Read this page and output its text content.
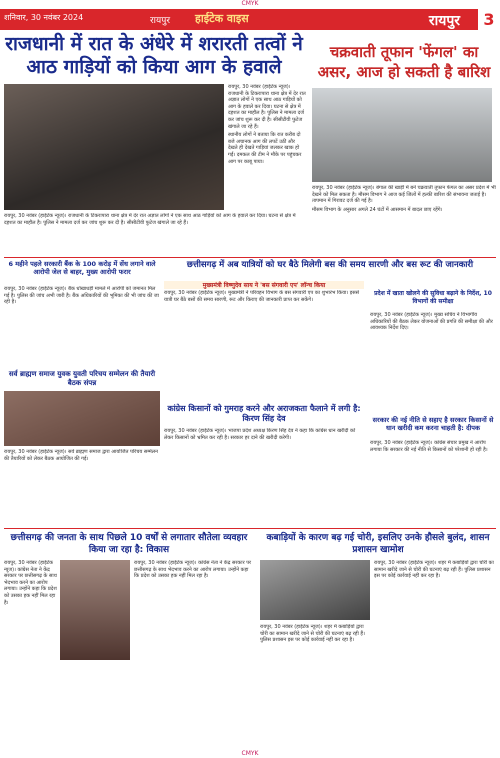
CMYK
शनिवार, 30 नवंबर 2024	रायपुर हाईटेक वाइस	रायपुर	3
राजधानी में रात के अंधेरे में शरारती तत्वों ने आठ गाड़ियों को किया आग के हवाले

रायपुर, 30 नवंबर (हाईटेक न्यूज)। राजधानी के टिकरापारा थाना क्षेत्र में देर रात अज्ञात लोगों ने एक साथ आठ गाड़ियों को आग के हवाले कर दिया। घटना से क्षेत्र में दहशत का माहौल है। पुलिस ने मामला दर्ज कर जांच शुरू कर दी है। सीसीटीवी फुटेज खंगाले जा रहे हैं।

स्थानीय लोगों ने बताया कि रात करीब दो बजे अचानक आग की लपटें उठीं और देखते ही देखते गाड़ियां जलकर खाक हो गईं। दमकल की टीम ने मौके पर पहुंचकर आग पर काबू पाया।

रायपुर, 30 नवंबर (हाईटेक न्यूज)। राजधानी के टिकरापारा थाना क्षेत्र में देर रात अज्ञात लोगों ने एक साथ आठ गाड़ियों को आग के हवाले कर दिया। घटना से क्षेत्र में दहशत का माहौल है। पुलिस ने मामला दर्ज कर जांच शुरू कर दी है। सीसीटीवी फुटेज खंगाले जा रहे हैं।

चक्रवाती तूफान 'फेंगल' का असर, आज हो सकती है बारिश

रायपुर, 30 नवंबर (हाईटेक न्यूज)। बंगाल की खाड़ी में बने चक्रवाती तूफान फेंगल का असर प्रदेश में भी देखने को मिल सकता है। मौसम विभाग ने आज कई जिलों में हल्की बारिश की संभावना जताई है। तापमान में गिरावट दर्ज की गई है।

मौसम विभाग के अनुसार अगले 24 घंटों में आसमान में बादल छाए रहेंगे।

6 महीने पहले सरकारी बैंक के 100 करोड़ में सेंध लगाने वाले आरोपी जेल से बाहर, मुख्य आरोपी फरार

रायपुर, 30 नवंबर (हाईटेक न्यूज)। बैंक धोखाधड़ी मामले में आरोपी को जमानत मिल गई है। पुलिस की जांच अभी जारी है। बैंक अधिकारियों की भूमिका की भी जांच की जा रही है।

छत्तीसगढ़ में अब यात्रियों को घर बैठे मिलेगी बस की समय सारणी और बस रूट की जानकारी
मुख्यमंत्री विष्णुदेव साय ने 'बस संगवारी एप' लॉन्च किया

रायपुर, 30 नवंबर (हाईटेक न्यूज)। मुख्यमंत्री ने परिवहन विभाग के बस संगवारी एप का शुभारंभ किया। इससे यात्री घर बैठे बसों की समय सारणी, रूट और किराए की जानकारी प्राप्त कर सकेंगे।

प्रदेश में खाता खोलने की सुविधा बढ़ाने के निर्देश, 10 विभागों की समीक्षा

रायपुर, 30 नवंबर (हाईटेक न्यूज)। मुख्य सचिव ने विभागीय अधिकारियों की बैठक लेकर योजनाओं की प्रगति की समीक्षा की और आवश्यक निर्देश दिए।

सर्व ब्राह्मण समाज युवक युवती परिचय सम्मेलन की तैयारी बैठक संपन्न

रायपुर, 30 नवंबर (हाईटेक न्यूज)। सर्व ब्राह्मण समाज द्वारा आयोजित परिचय सम्मेलन की तैयारियों को लेकर बैठक आयोजित की गई।

कांग्रेस किसानों को गुमराह करने और अराजकता फैलाने में लगी है: किरण सिंह देव

रायपुर, 30 नवंबर (हाईटेक न्यूज)। भाजपा प्रदेश अध्यक्ष किरण सिंह देव ने कहा कि कांग्रेस धान खरीदी को लेकर किसानों को भ्रमित कर रही है। सरकार हर दाने की खरीदी करेगी।

सरकार की नई नीति से सहाए है सरकार किसानों से धान खरीदी कम करना चाहती है: दीपक

रायपुर, 30 नवंबर (हाईटेक न्यूज)। कांग्रेस संचार प्रमुख ने आरोप लगाया कि सरकार की नई नीति से किसानों को परेशानी हो रही है।

छत्तीसगढ़ की जनता के साथ पिछले 10 वर्षों से लगातार सौतेला व्यवहार किया जा रहा है: विकास

रायपुर, 30 नवंबर (हाईटेक न्यूज)। कांग्रेस नेता ने केंद्र सरकार पर छत्तीसगढ़ के साथ भेदभाव करने का आरोप लगाया। उन्होंने कहा कि प्रदेश को उसका हक नहीं मिल रहा है।

रायपुर, 30 नवंबर (हाईटेक न्यूज)। कांग्रेस नेता ने केंद्र सरकार पर छत्तीसगढ़ के साथ भेदभाव करने का आरोप लगाया। उन्होंने कहा कि प्रदेश को उसका हक नहीं मिल रहा है।

कबाड़ियों के कारण बढ़ गई चोरी, इसलिए उनके हौसले बुलंद, शासन प्रशासन खामोश

रायपुर, 30 नवंबर (हाईटेक न्यूज)। शहर में कबाड़ियों द्वारा चोरी का सामान खरीदे जाने से चोरी की घटनाएं बढ़ रही हैं। पुलिस प्रशासन इस पर कोई कार्रवाई नहीं कर रहा है।

रायपुर, 30 नवंबर (हाईटेक न्यूज)। शहर में कबाड़ियों द्वारा चोरी का सामान खरीदे जाने से चोरी की घटनाएं बढ़ रही हैं। पुलिस प्रशासन इस पर कोई कार्रवाई नहीं कर रहा है।

CMYK
